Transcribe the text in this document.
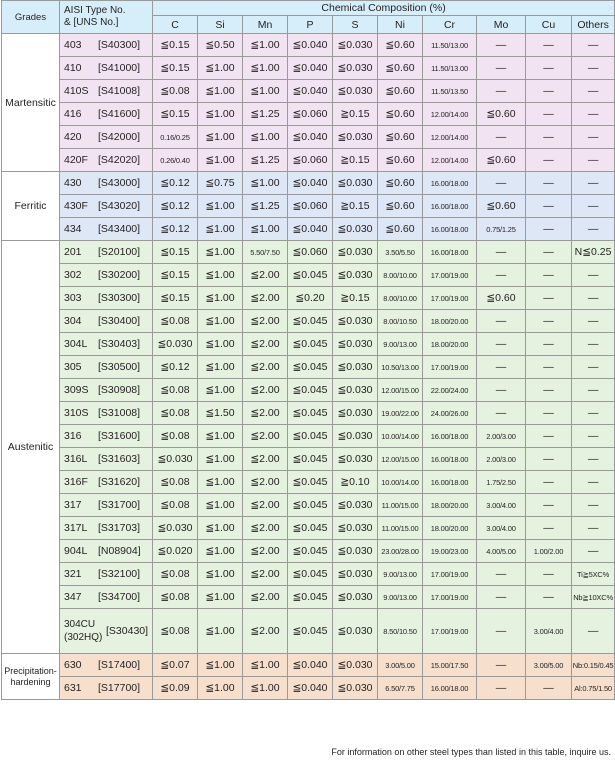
Grades	AISI Type No.
& [UNS No.]	Chemical Composition (%)									
		C	Si	Mn	P	S	Ni	Cr	Mo	Cu	Others
Martensitic	403 [S40300]	≦0.15	≦0.50	≦1.00	≦0.040	≦0.030	≦0.60	11.50/13.00	—	—	—
	410 [S41000]	≦0.15	≦1.00	≦1.00	≦0.040	≦0.030	≦0.60	11.50/13.00	—	—	—
	410S [S41008]	≦0.08	≦1.00	≦1.00	≦0.040	≦0.030	≦0.60	11.50/13.50	—	—	—
	416 [S41600]	≦0.15	≦1.00	≦1.25	≦0.060	≧0.15	≦0.60	12.00/14.00	≦0.60	—	—
	420 [S42000]	0.16/0.25	≦1.00	≦1.00	≦0.040	≦0.030	≦0.60	12.00/14.00	—	—	—
	420F [S42020]	0.26/0.40	≦1.00	≦1.25	≦0.060	≧0.15	≦0.60	12.00/14.00	≦0.60	—	—
Ferritic	430 [S43000]	≦0.12	≦0.75	≦1.00	≦0.040	≦0.030	≦0.60	16.00/18.00	—	—	—
	430F [S43020]	≦0.12	≦1.00	≦1.25	≦0.060	≧0.15	≦0.60	16.00/18.00	≦0.60	—	—
	434 [S43400]	≦0.12	≦1.00	≦1.00	≦0.040	≦0.030	≦0.60	16.00/18.00	0.75/1.25	—	—
Austenitic	201 [S20100]	≦0.15	≦1.00	5.50/7.50	≦0.060	≦0.030	3.50/5.50	16.00/18.00	—	—	N≦0.25
	302 [S30200]	≦0.15	≦1.00	≦2.00	≦0.045	≦0.030	8.00/10.00	17.00/19.00	—	—	—
	303 [S30300]	≦0.15	≦1.00	≦2.00	≦0.20	≧0.15	8.00/10.00	17.00/19.00	≦0.60	—	—
	304 [S30400]	≦0.08	≦1.00	≦2.00	≦0.045	≦0.030	8.00/10.50	18.00/20.00	—	—	—
	304L [S30403]	≦0.030	≦1.00	≦2.00	≦0.045	≦0.030	9.00/13.00	18.00/20.00	—	—	—
	305 [S30500]	≦0.12	≦1.00	≦2.00	≦0.045	≦0.030	10.50/13.00	17.00/19.00	—	—	—
	309S [S30908]	≦0.08	≦1.00	≦2.00	≦0.045	≦0.030	12.00/15.00	22.00/24.00	—	—	—
	310S [S31008]	≦0.08	≦1.50	≦2.00	≦0.045	≦0.030	19.00/22.00	24.00/26.00	—	—	—
	316 [S31600]	≦0.08	≦1.00	≦2.00	≦0.045	≦0.030	10.00/14.00	16.00/18.00	2.00/3.00	—	—
	316L [S31603]	≦0.030	≦1.00	≦2.00	≦0.045	≦0.030	12.00/15.00	16.00/18.00	2.00/3.00	—	—
	316F [S31620]	≦0.08	≦1.00	≦2.00	≦0.045	≧0.10	10.00/14.00	16.00/18.00	1.75/2.50	—	—
	317 [S31700]	≦0.08	≦1.00	≦2.00	≦0.045	≦0.030	11.00/15.00	18.00/20.00	3.00/4.00	—	—
	317L [S31703]	≦0.030	≦1.00	≦2.00	≦0.045	≦0.030	11.00/15.00	18.00/20.00	3.00/4.00	—	—
	904L [N08904]	≦0.020	≦1.00	≦2.00	≦0.045	≦0.030	23.00/28.00	19.00/23.00	4.00/5.00	1.00/2.00	—
	321 [S32100]	≦0.08	≦1.00	≦2.00	≦0.045	≦0.030	9.00/13.00	17.00/19.00	—	—	Ti≧5XC%
	347 [S34700]	≦0.08	≦1.00	≦2.00	≦0.045	≦0.030	9.00/13.00	17.00/19.00	—	—	Nb≧10XC%
	304CU
(302HQ)[S30430]	≦0.08	≦1.00	≦2.00	≦0.045	≦0.030	8.50/10.50	17.00/19.00	—	3.00/4.00	—
Precipitation-
hardening	630 [S17400]	≦0.07	≦1.00	≦1.00	≦0.040	≦0.030	3.00/5.00	15.00/17.50	—	3.00/5.00	Nb:0.15/0.45
	631 [S17700]	≦0.09	≦1.00	≦1.00	≦0.040	≦0.030	6.50/7.75	16.00/18.00	—	—	Al:0.75/1.50
For information on other steel types than listed in this table, inquire us.
